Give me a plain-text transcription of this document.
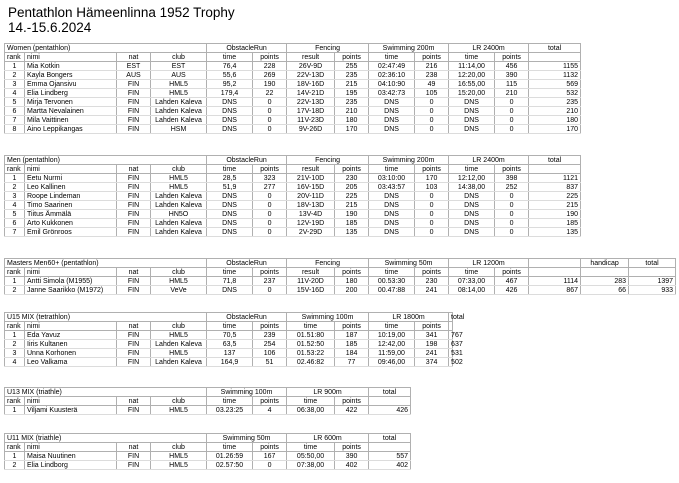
Pentathlon Hämeenlinna 1952 Trophy
14.-15.6.2024
Women (pentathlon)				ObstacleRun		Fencing		Swimming 200m		LR 2400m		total
rank	nimi	nat	club	time	points	result	points	time	points	time	points	
1	Mia Kotkin	EST	EST	76,4	228	26V-9D	255	02:47:49	216	11:14,00	456	1155
2	Kayla Bongers	AUS	AUS	55,6	269	22V-13D	235	02:36:10	238	12:20,00	390	1132
3	Emma Ojansivu	FIN	HML5	95,2	190	18V-16D	215	04:10:90	49	16:55,00	115	569
4	Elia Lindberg	FIN	HML5	179,4	22	14V-21D	195	03:42:73	105	15:20,00	210	532
5	Mirja Tervonen	FIN	Lahden Kaleva	DNS	0	22V-13D	235	DNS	0	DNS	0	235
6	Martta Nevalainen	FIN	Lahden Kaleva	DNS	0	17V-18D	210	DNS	0	DNS	0	210
7	Mila Vaittinen	FIN	Lahden Kaleva	DNS	0	11V-23D	180	DNS	0	DNS	0	180
8	Aino Leppikangas	FIN	HSM	DNS	0	9V-26D	170	DNS	0	DNS	0	170
Men (pentathlon)				ObstacleRun		Fencing		Swimming 200m		LR 2400m		total
rank	nimi	nat	club	time	points	result	points	time	points	time	points	
1	Eetu Nurmi	FIN	HML5	28,5	323	21V-10D	230	03:10:00	170	12:12,00	398	1121
2	Leo Kallinen	FIN	HML5	51,9	277	16V-15D	205	03:43:57	103	14:38,00	252	837
3	Roope Lindeman	FIN	Lahden Kaleva	DNS	0	20V-11D	225	DNS	0	DNS	0	225
4	Timo Saarinen	FIN	Lahden Kaleva	DNS	0	18V-13D	215	DNS	0	DNS	0	215
5	Tiitus Ämmälä	FIN	HN5O	DNS	0	13V-4D	190	DNS	0	DNS	0	190
6	Arto Kukkonen	FIN	Lahden Kaleva	DNS	0	12V-19D	185	DNS	0	DNS	0	185
7	Emil Grönroos	FIN	Lahden Kaleva	DNS	0	2V-29D	135	DNS	0	DNS	0	135
Masters Men60+ (pentathlon)				ObstacleRun		Fencing		Swimming 50m		LR 1200m			handicap	total
rank	nimi	nat	club	time	points	result	points	time	points	time	points			
1	Antti Simola (M1955)	FIN	HML5	71,8	237	11V-20D	180	00.53:30	230	07:33,00	467	1114	283	1397
2	Janne Saarikko (M1972)	FIN	VeVe	DNS	0	15V-16D	200	00.47:88	241	08:14,00	426	867	66	933
U15 MIX (tetrathlon)				ObstacleRun		Swimming 100m		LR 1800m		total
rank	nimi	nat	club	time	points	time	points	time	points	
1	Eda Yavuz	FIN	HML5	70,5	239	01.51:80	187	10:19,00	341	767
2	Iiris Kultanen	FIN	Lahden Kaleva	63,5	254	01.52:50	185	12:42,00	198	637
3	Unna Korhonen	FIN	HML5	137	106	01.53:22	184	11:59,00	241	531
4	Leo Valkama	FIN	Lahden Kaleva	164,9	51	02.46:82	77	09:46,00	374	502
U13 MIX (triathle)				Swimming 100m		LR 900m		total
rank	nimi	nat	club	time	points	time	points	
1	Viljami Kuusterä	FIN	HML5	03.23:25	4	06:38,00	422	426
U11 MIX (triathle)				Swimming 50m		LR 600m		total
rank	nimi	nat	club	time	points	time	points	
1	Maisa Nuutinen	FIN	HML5	01.26:59	167	05:50,00	390	557
2	Elia Lindborg	FIN	HML5	02.57:50	0	07:38,00	402	402
